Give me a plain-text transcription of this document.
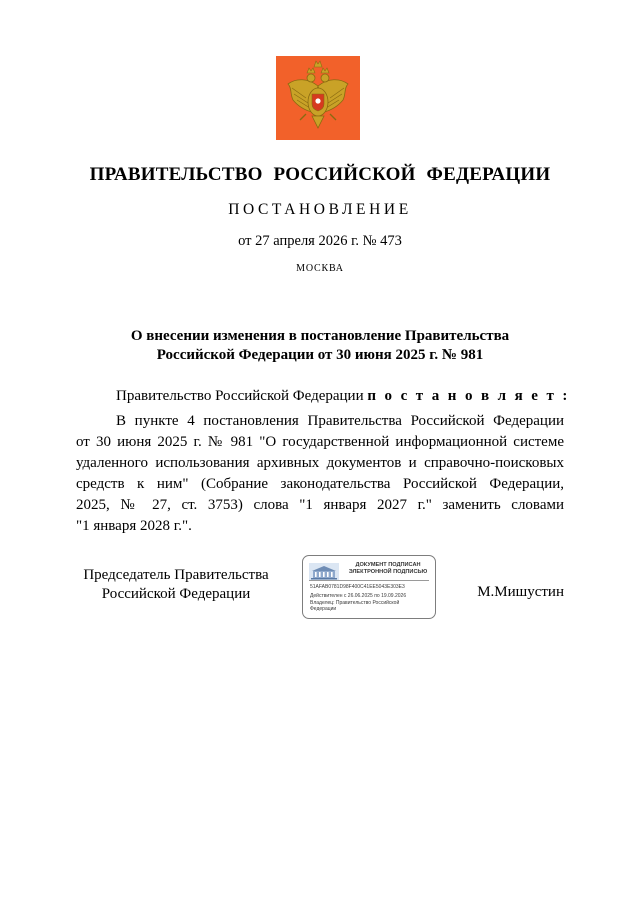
ПРАВИТЕЛЬСТВО РОССИЙСКОЙ ФЕДЕРАЦИИ
ПОСТАНОВЛЕНИЕ
от 27 апреля 2026 г. № 473
МОСКВА
О внесении изменения в постановление Правительства
Российской Федерации от 30 июня 2025 г. № 981
Правительство Российской Федерации п о с т а н о в л я е т :
В пункте 4 постановления Правительства Российской Федерации
от 30 июня 2025 г. № 981 "О государственной информационной системе
удаленного использования архивных документов и справочно-поисковых
средств к ним" (Собрание законодательства Российской Федерации,
2025, № 27, ст. 3753) слова "1 января 2027 г." заменить словами
"1 января 2028 г.".
Председатель Правительства
Российской Федерации
ДОКУМЕНТ ПОДПИСАН
ЭЛЕКТРОННОЙ ПОДПИСЬЮ
51AFAB0781D98F400C41EE5043E303E3
Действителен с 26.06.2025 по 19.09.2026
Владелец: Правительство Российской
Федерации
М.Мишустин
